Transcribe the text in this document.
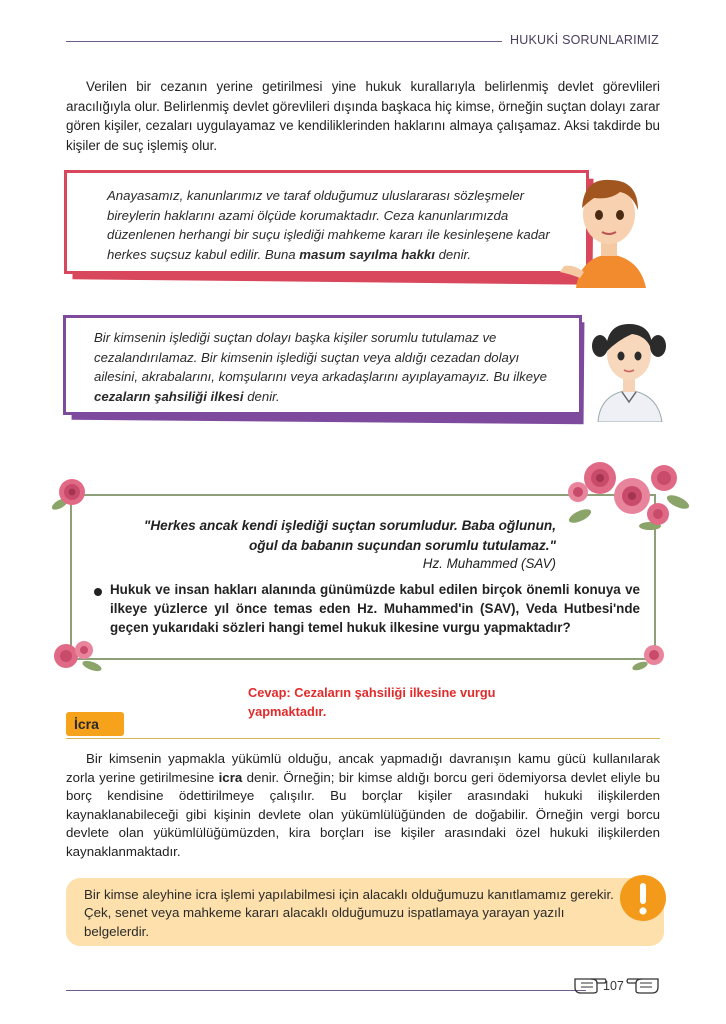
HUKUKİ SORUNLARIMIZ
Verilen bir cezanın yerine getirilmesi yine hukuk kurallarıyla belirlenmiş devlet görevlileri aracılığıyla olur. Belirlenmiş devlet görevlileri dışında başkaca hiç kimse, örneğin suçtan dolayı zarar gören kişiler, cezaları uygulayamaz ve kendiliklerinden haklarını almaya çalışamaz. Aksi takdirde bu kişiler de suç işlemiş olur.
Anayasamız, kanunlarımız ve taraf olduğumuz uluslararası sözleşmeler bireylerin haklarını azami ölçüde korumaktadır. Ceza kanunlarımızda düzenlenen herhangi bir suçu işlediği mahkeme kararı ile kesinleşene kadar herkes suçsuz kabul edilir. Buna masum sayılma hakkı denir.
Bir kimsenin işlediği suçtan dolayı başka kişiler sorumlu tutulamaz ve cezalandırılamaz. Bir kimsenin işlediği suçtan veya aldığı cezadan dolayı ailesini, akrabalarını, komşularını veya arkadaşlarını ayıplayamayız. Bu ilkeye cezaların şahsiliği ilkesi denir.
"Herkes ancak kendi işlediği suçtan sorumludur. Baba oğlunun, oğul da babanın suçundan sorumlu tutulamaz."
Hz. Muhammed (SAV)
Hukuk ve insan hakları alanında günümüzde kabul edilen birçok önemli konuya ve ilkeye yüzlerce yıl önce temas eden Hz. Muhammed'in (SAV), Veda Hutbesi'nde geçen yukarıdaki sözleri hangi temel hukuk ilkesine vurgu yapmaktadır?
Cevap: Cezaların şahsiliği ilkesine vurgu yapmaktadır.
İcra
Bir kimsenin yapmakla yükümlü olduğu, ancak yapmadığı davranışın kamu gücü kullanılarak zorla yerine getirilmesine icra denir. Örneğin; bir kimse aldığı borcu geri ödemiyorsa devlet eliyle bu borç kendisine ödettirilmeye çalışılır. Bu borçlar kişiler arasındaki hukuki ilişkilerden kaynaklanabileceği gibi kişinin devlete olan yükümlülüğünden de doğabilir. Örneğin vergi borcu devlete olan yükümlülüğümüzden, kira borçları ise kişiler arasındaki özel hukuki ilişkilerden kaynaklanmaktadır.
Bir kimse aleyhine icra işlemi yapılabilmesi için alacaklı olduğumuzu kanıtlamamız gerekir. Çek, senet veya mahkeme kararı alacaklı olduğumuzu ispatlamaya yarayan yazılı belgelerdir.
107
